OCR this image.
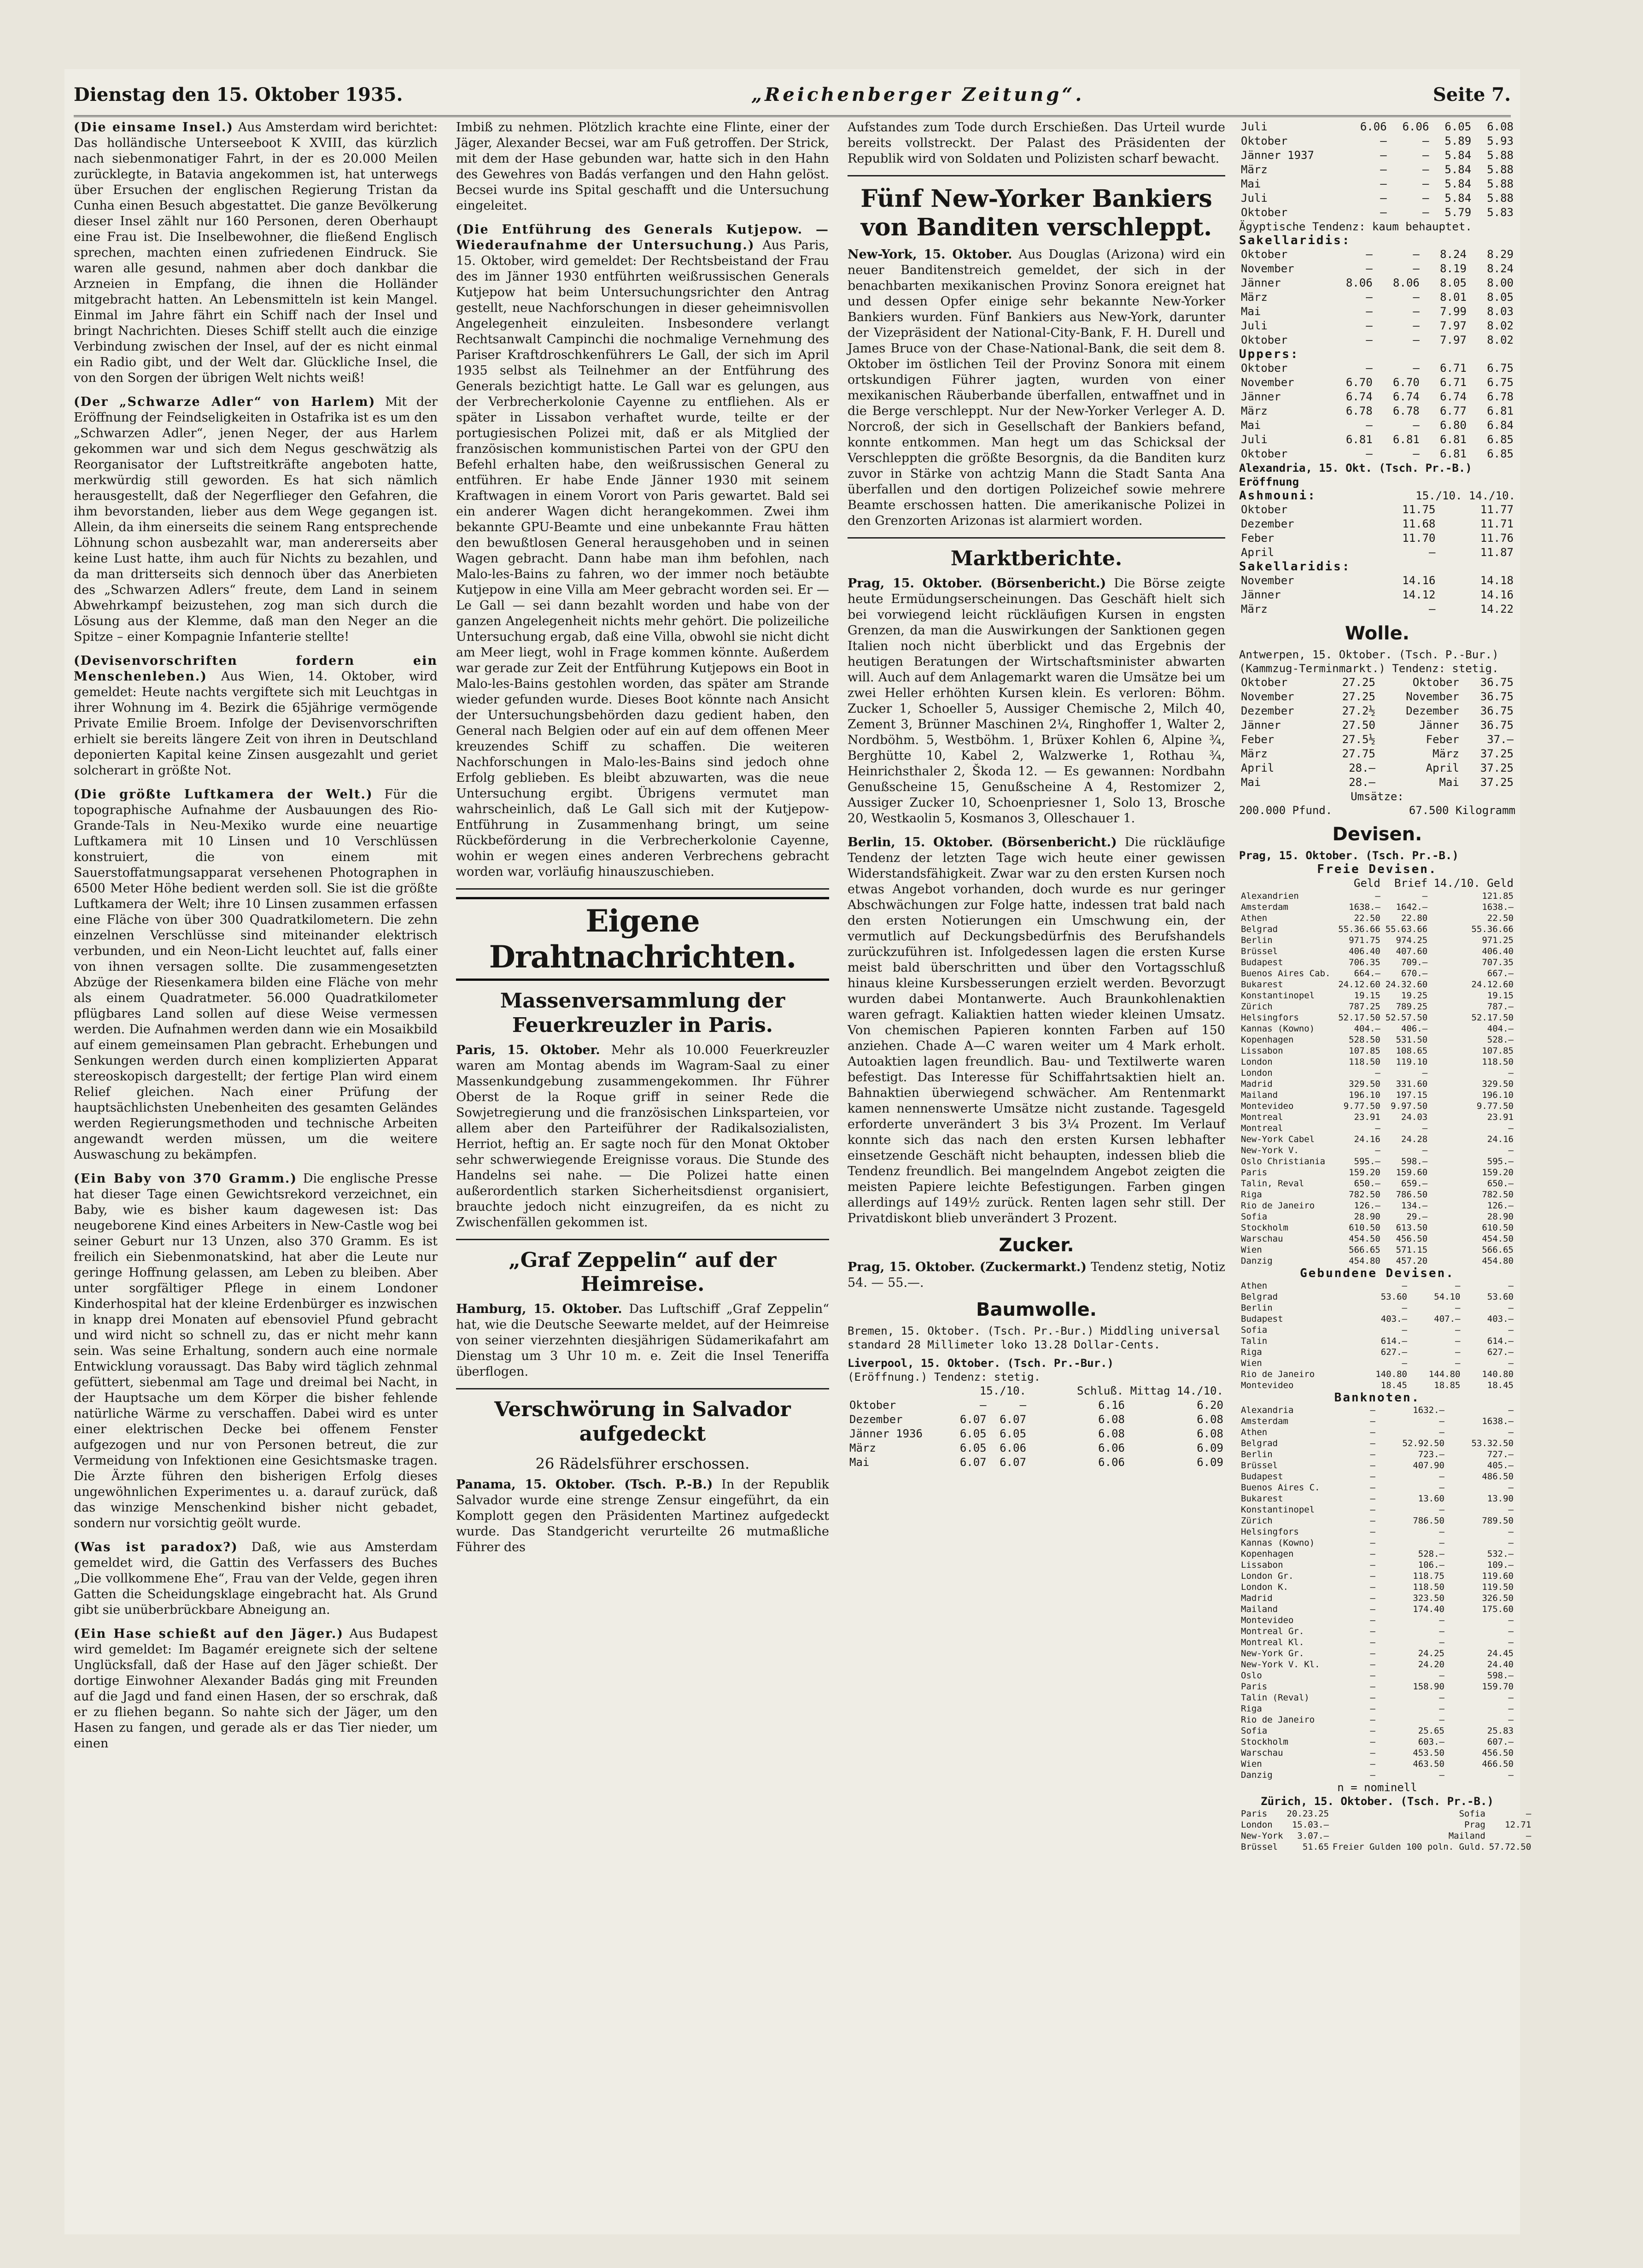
Dienstag den 15. Oktober 1935.	„Reichenberger Zeitung“.	Seite 7.

(Die einsame Insel.) Aus Amsterdam wird berichtet: Das holländische Unterseeboot K XVIII, das kürzlich nach siebenmonatiger Fahrt, in der es 20.000 Meilen zurücklegte, in Batavia angekommen ist, hat unterwegs über Ersuchen der englischen Regierung Tristan da Cunha einen Besuch abgestattet. Die ganze Bevölkerung dieser Insel zählt nur 160 Personen, deren Oberhaupt eine Frau ist. Die Inselbewohner, die fließend Englisch sprechen, machten einen zufriedenen Eindruck. Sie waren alle gesund, nahmen aber doch dankbar die Arzneien in Empfang, die ihnen die Holländer mitgebracht hatten. An Lebensmitteln ist kein Mangel. Einmal im Jahre fährt ein Schiff nach der Insel und bringt Nachrichten. Dieses Schiff stellt auch die einzige Verbindung zwischen der Insel, auf der es nicht einmal ein Radio gibt, und der Welt dar. Glückliche Insel, die von den Sorgen der übrigen Welt nichts weiß!

(Der „Schwarze Adler“ von Harlem) Mit der Eröffnung der Feindseligkeiten in Ostafrika ist es um den „Schwarzen Adler“, jenen Neger, der aus Harlem gekommen war und sich dem Negus geschwätzig als Reorganisator der Luftstreitkräfte angeboten hatte, merkwürdig still geworden. Es hat sich nämlich herausgestellt, daß der Negerflieger den Gefahren, die ihm bevorstanden, lieber aus dem Wege gegangen ist. Allein, da ihm einerseits die seinem Rang entsprechende Löhnung schon ausbezahlt war, man andererseits aber keine Lust hatte, ihm auch für Nichts zu bezahlen, und da man dritterseits sich dennoch über das Anerbieten des „Schwarzen Adlers“ freute, dem Land in seinem Abwehrkampf beizustehen, zog man sich durch die Lösung aus der Klemme, daß man den Neger an die Spitze – einer Kompagnie Infanterie stellte!

(Devisenvorschriften fordern ein Menschenleben.) Aus Wien, 14. Oktober, wird gemeldet: Heute nachts vergiftete sich mit Leuchtgas in ihrer Wohnung im 4. Bezirk die 65jährige vermögende Private Emilie Broem. Infolge der Devisenvorschriften erhielt sie bereits längere Zeit von ihren in Deutschland deponierten Kapital keine Zinsen ausgezahlt und geriet solcherart in größte Not.

(Die größte Luftkamera der Welt.) Für die topographische Aufnahme der Ausbauungen des Rio-Grande-Tals in Neu-Mexiko wurde eine neuartige Luftkamera mit 10 Linsen und 10 Verschlüssen konstruiert, die von einem mit Sauerstoffatmungsapparat versehenen Photographen in 6500 Meter Höhe bedient werden soll. Sie ist die größte Luftkamera der Welt; ihre 10 Linsen zusammen erfassen eine Fläche von über 300 Quadratkilometern. Die zehn einzelnen Verschlüsse sind miteinander elektrisch verbunden, und ein Neon-Licht leuchtet auf, falls einer von ihnen versagen sollte. Die zusammengesetzten Abzüge der Riesenkamera bilden eine Fläche von mehr als einem Quadratmeter. 56.000 Quadratkilometer pflügbares Land sollen auf diese Weise vermessen werden. Die Aufnahmen werden dann wie ein Mosaikbild auf einem gemeinsamen Plan gebracht. Erhebungen und Senkungen werden durch einen komplizierten Apparat stereoskopisch dargestellt; der fertige Plan wird einem Relief gleichen. Nach einer Prüfung der hauptsächlichsten Unebenheiten des gesamten Geländes werden Regierungsmethoden und technische Arbeiten angewandt werden müssen, um die weitere Auswaschung zu bekämpfen.

(Ein Baby von 370 Gramm.) Die englische Presse hat dieser Tage einen Gewichtsrekord verzeichnet, ein Baby, wie es bisher kaum dagewesen ist: Das neugeborene Kind eines Arbeiters in New-Castle wog bei seiner Geburt nur 13 Unzen, also 370 Gramm. Es ist freilich ein Siebenmonatskind, hat aber die Leute nur geringe Hoffnung gelassen, am Leben zu bleiben. Aber unter sorgfältiger Pflege in einem Londoner Kinderhospital hat der kleine Erdenbürger es inzwischen in knapp drei Monaten auf ebensoviel Pfund gebracht und wird nicht so schnell zu, das er nicht mehr kann sein. Was seine Erhaltung, sondern auch eine normale Entwicklung voraussagt. Das Baby wird täglich zehnmal gefüttert, siebenmal am Tage und dreimal bei Nacht, in der Hauptsache um dem Körper die bisher fehlende natürliche Wärme zu verschaffen. Dabei wird es unter einer elektrischen Decke bei offenem Fenster aufgezogen und nur von Personen betreut, die zur Vermeidung von Infektionen eine Gesichtsmaske tragen. Die Ärzte führen den bisherigen Erfolg dieses ungewöhnlichen Experimentes u. a. darauf zurück, daß das winzige Menschenkind bisher nicht gebadet, sondern nur vorsichtig geölt wurde.

(Was ist paradox?) Daß, wie aus Amsterdam gemeldet wird, die Gattin des Verfassers des Buches „Die vollkommene Ehe“, Frau van der Velde, gegen ihren Gatten die Scheidungsklage eingebracht hat. Als Grund gibt sie unüberbrückbare Abneigung an.

(Ein Hase schießt auf den Jäger.) Aus Budapest wird gemeldet: Im Bagamér ereignete sich der seltene Unglücksfall, daß der Hase auf den Jäger schießt. Der dortige Einwohner Alexander Badás ging mit Freunden auf die Jagd und fand einen Hasen, der so erschrak, daß er zu fliehen begann. So nahte sich der Jäger, um den Hasen zu fangen, und gerade als er das Tier nieder, um einen

Imbiß zu nehmen. Plötzlich krachte eine Flinte, einer der Jäger, Alexander Becsei, war am Fuß getroffen. Der Strick, mit dem der Hase gebunden war, hatte sich in den Hahn des Gewehres von Badás verfangen und den Hahn gelöst. Becsei wurde ins Spital geschafft und die Untersuchung eingeleitet.

(Die Entführung des Generals Kutjepow. — Wiederaufnahme der Untersuchung.) Aus Paris, 15. Oktober, wird gemeldet: Der Rechtsbeistand der Frau des im Jänner 1930 entführten weißrussischen Generals Kutjepow hat beim Untersuchungsrichter den Antrag gestellt, neue Nachforschungen in dieser geheimnisvollen Angelegenheit einzuleiten. Insbesondere verlangt Rechtsanwalt Campinchi die nochmalige Vernehmung des Pariser Kraftdroschkenführers Le Gall, der sich im April 1935 selbst als Teilnehmer an der Entführung des Generals bezichtigt hatte. Le Gall war es gelungen, aus der Verbrecherkolonie Cayenne zu entfliehen. Als er später in Lissabon verhaftet wurde, teilte er der portugiesischen Polizei mit, daß er als Mitglied der französischen kommunistischen Partei von der GPU den Befehl erhalten habe, den weißrussischen General zu entführen. Er habe Ende Jänner 1930 mit seinem Kraftwagen in einem Vorort von Paris gewartet. Bald sei ein anderer Wagen dicht herangekommen. Zwei ihm bekannte GPU-Beamte und eine unbekannte Frau hätten den bewußtlosen General herausgehoben und in seinen Wagen gebracht. Dann habe man ihm befohlen, nach Malo-les-Bains zu fahren, wo der immer noch betäubte Kutjepow in eine Villa am Meer gebracht worden sei. Er — Le Gall — sei dann bezahlt worden und habe von der ganzen Angelegenheit nichts mehr gehört. Die polizeiliche Untersuchung ergab, daß eine Villa, obwohl sie nicht dicht am Meer liegt, wohl in Frage kommen könnte. Außerdem war gerade zur Zeit der Entführung Kutjepows ein Boot in Malo-les-Bains gestohlen worden, das später am Strande wieder gefunden wurde. Dieses Boot könnte nach Ansicht der Untersuchungsbehörden dazu gedient haben, den General nach Belgien oder auf ein auf dem offenen Meer kreuzendes Schiff zu schaffen. Die weiteren Nachforschungen in Malo-les-Bains sind jedoch ohne Erfolg geblieben. Es bleibt abzuwarten, was die neue Untersuchung ergibt. Übrigens vermutet man wahrscheinlich, daß Le Gall sich mit der Kutjepow-Entführung in Zusammenhang bringt, um seine Rückbeförderung in die Verbrecherkolonie Cayenne, wohin er wegen eines anderen Verbrechens gebracht worden war, vorläufig hinauszuschieben.

Eigene Drahtnachrichten.
Massenversammlung der Feuerkreuzler in Paris.

Paris, 15. Oktober. Mehr als 10.000 Feuerkreuzler waren am Montag abends im Wagram-Saal zu einer Massenkundgebung zusammengekommen. Ihr Führer Oberst de la Roque griff in seiner Rede die Sowjetregierung und die französischen Linksparteien, vor allem aber den Parteiführer der Radikalsozialisten, Herriot, heftig an. Er sagte noch für den Monat Oktober sehr schwerwiegende Ereignisse voraus. Die Stunde des Handelns sei nahe. — Die Polizei hatte einen außerordentlich starken Sicherheitsdienst organisiert, brauchte jedoch nicht einzugreifen, da es nicht zu Zwischenfällen gekommen ist.

„Graf Zeppelin“ auf der Heimreise.

Hamburg, 15. Oktober. Das Luftschiff „Graf Zeppelin“ hat, wie die Deutsche Seewarte meldet, auf der Heimreise von seiner vierzehnten diesjährigen Südamerikafahrt am Dienstag um 3 Uhr 10 m. e. Zeit die Insel Teneriffa überflogen.

Verschwörung in Salvador aufgedeckt
26 Rädelsführer erschossen.

Panama, 15. Oktober. (Tsch. P.-B.) In der Republik Salvador wurde eine strenge Zensur eingeführt, da ein Komplott gegen den Präsidenten Martinez aufgedeckt wurde. Das Standgericht verurteilte 26 mutmaßliche Führer des

Aufstandes zum Tode durch Erschießen. Das Urteil wurde bereits vollstreckt. Der Palast des Präsidenten der Republik wird von Soldaten und Polizisten scharf bewacht.

Fünf New-Yorker Bankiers von Banditen verschleppt.

New-York, 15. Oktober. Aus Douglas (Arizona) wird ein neuer Banditenstreich gemeldet, der sich in der benachbarten mexikanischen Provinz Sonora ereignet hat und dessen Opfer einige sehr bekannte New-Yorker Bankiers wurden. Fünf Bankiers aus New-York, darunter der Vizepräsident der National-City-Bank, F. H. Durell und James Bruce von der Chase-National-Bank, die seit dem 8. Oktober im östlichen Teil der Provinz Sonora mit einem ortskundigen Führer jagten, wurden von einer mexikanischen Räuberbande überfallen, entwaffnet und in die Berge verschleppt. Nur der New-Yorker Verleger A. D. Norcroß, der sich in Gesellschaft der Bankiers befand, konnte entkommen. Man hegt um das Schicksal der Verschleppten die größte Besorgnis, da die Banditen kurz zuvor in Stärke von achtzig Mann die Stadt Santa Ana überfallen und den dortigen Polizeichef sowie mehrere Beamte erschossen hatten. Die amerikanische Polizei in den Grenzorten Arizonas ist alarmiert worden.

Marktberichte.

Prag, 15. Oktober. (Börsenbericht.) Die Börse zeigte heute Ermüdungserscheinungen. Das Geschäft hielt sich bei vorwiegend leicht rückläufigen Kursen in engsten Grenzen, da man die Auswirkungen der Sanktionen gegen Italien noch nicht überblickt und das Ergebnis der heutigen Beratungen der Wirtschaftsminister abwarten will. Auch auf dem Anlagemarkt waren die Umsätze bei um zwei Heller erhöhten Kursen klein. Es verloren: Böhm. Zucker 1, Schoeller 5, Aussiger Chemische 2, Milch 40, Zement 3, Brünner Maschinen 2¼, Ringhoffer 1, Walter 2, Nordböhm. 5, Westböhm. 1, Brüxer Kohlen 6, Alpine ¾, Berghütte 10, Kabel 2, Walzwerke 1, Rothau ¾, Heinrichsthaler 2, Škoda 12. — Es gewannen: Nordbahn Genußscheine 15, Genußscheine A 4, Restomizer 2, Aussiger Zucker 10, Schoenpriesner 1, Solo 13, Brosche 20, Westkaolin 5, Kosmanos 3, Olleschauer 1.

Berlin, 15. Oktober. (Börsenbericht.) Die rückläufige Tendenz der letzten Tage wich heute einer gewissen Widerstandsfähigkeit. Zwar war zu den ersten Kursen noch etwas Angebot vorhanden, doch wurde es nur geringer Abschwächungen zur Folge hatte, indessen trat bald nach den ersten Notierungen ein Umschwung ein, der vermutlich auf Deckungsbedürfnis des Berufshandels zurückzuführen ist. Infolgedessen lagen die ersten Kurse meist bald überschritten und über den Vortagsschluß hinaus kleine Kursbesserungen erzielt werden. Bevorzugt wurden dabei Montanwerte. Auch Braunkohlenaktien waren gefragt. Kaliaktien hatten wieder kleinen Umsatz. Von chemischen Papieren konnten Farben auf 150 anziehen. Chade A—C waren weiter um 4 Mark erholt. Autoaktien lagen freundlich. Bau- und Textilwerte waren befestigt. Das Interesse für Schiffahrtsaktien hielt an. Bahnaktien überwiegend schwächer. Am Rentenmarkt kamen nennenswerte Umsätze nicht zustande. Tagesgeld erforderte unverändert 3 bis 3¼ Prozent. Im Verlauf konnte sich das nach den ersten Kursen lebhafter einsetzende Geschäft nicht behaupten, indessen blieb die Tendenz freundlich. Bei mangelndem Angebot zeigten die meisten Papiere leichte Befestigungen. Farben gingen allerdings auf 149½ zurück. Renten lagen sehr still. Der Privatdiskont blieb unverändert 3 Prozent.

Zucker.

Prag, 15. Oktober. (Zuckermarkt.) Tendenz stetig, Notiz 54. — 55.—.

Baumwolle.
Bremen, 15. Oktober. (Tsch. Pr.-Bur.) Middling universal standard 28 Millimeter loko 13.28 Dollar-Cents.
Liverpool, 15. Oktober. (Tsch. Pr.-Bur.)
(Eröffnung.) Tendenz: stetig.
	15./10.		Schluß. Mittag 14./10.	
Oktober	—	—	6.16	6.20
Dezember	6.07	6.07	6.08	6.08
Jänner 1936	6.05	6.05	6.08	6.08
März	6.05	6.06	6.06	6.09
Mai	6.07	6.07	6.06	6.09
Juli	6.06	6.06	6.05	6.08
Oktober	—	—	5.89	5.93
Jänner 1937	—	—	5.84	5.88
März	—	—	5.84	5.88
Mai	—	—	5.84	5.88
Juli	—	—	5.84	5.88
Oktober	—	—	5.79	5.83
Ägyptische Tendenz: kaum behauptet.
Sakellaridis:
Oktober	—	—	8.24	8.29
November	—	—	8.19	8.24
Jänner	8.06	8.06	8.05	8.00
März	—	—	8.01	8.05
Mai	—	—	7.99	8.03
Juli	—	—	7.97	8.02
Oktober	—	—	7.97	8.02
Uppers:
Oktober	—	—	6.71	6.75
November	6.70	6.70	6.71	6.75
Jänner	6.74	6.74	6.74	6.78
März	6.78	6.78	6.77	6.81
Mai	—	—	6.80	6.84
Juli	6.81	6.81	6.81	6.85
Oktober	—	—	6.81	6.85
Alexandria, 15. Okt. (Tsch. Pr.-B.) Eröffnung
Ashmouni:	15./10. 14./10.
Oktober	11.75	11.77
Dezember	11.68	11.71
Feber	11.70	11.76
April	—	11.87
Sakellaridis:
November	14.16	14.18
Jänner	14.12	14.16
März	—	14.22
Wolle.
Antwerpen, 15. Oktober. (Tsch. P.-Bur.) (Kammzug-Terminmarkt.) Tendenz: stetig.
Oktober	27.25	Oktober	36.75
November	27.25	November	36.75
Dezember	27.2½	Dezember	36.75
Jänner	27.50	Jänner	36.75
Feber	27.5½	Feber	37.—
März	27.75	März	37.25
April	28.—	April	37.25
Mai	28.—	Mai	37.25
Umsätze:
200.000 Pfund.	67.500 Kilogramm
Devisen.
Prag, 15. Oktober. (Tsch. Pr.-B.)
Freie Devisen.
	Geld	Brief	14./10. Geld
Alexandrien	—	—	121.85
Amsterdam	1638.—	1642.—	1638.—
Athen	22.50	22.80	22.50
Belgrad	55.36.66	55.63.66	55.36.66
Berlin	971.75	974.25	971.25
Brüssel	406.40	407.60	406.40
Budapest	706.35	709.—	707.35
Buenos Aires Cab.	664.—	670.—	667.—
Bukarest	24.12.60	24.32.60	24.12.60
Konstantinopel	19.15	19.25	19.15
Zürich	787.25	789.25	787.—
Helsingfors	52.17.50	52.57.50	52.17.50
Kannas (Kowno)	404.—	406.—	404.—
Kopenhagen	528.50	531.50	528.—
Lissabon	107.85	108.65	107.85
London	118.50	119.10	118.50
London	—	—	—
Madrid	329.50	331.60	329.50
Mailand	196.10	197.15	196.10
Montevideo	9.77.50	9.97.50	9.77.50
Montreal	23.91	24.03	23.91
Montreal	—	—	—
New-York Cabel	24.16	24.28	24.16
New-York V.	—	—	—
Oslo Christiania	595.—	598.—	595.—
Paris	159.20	159.60	159.20
Talin, Reval	650.—	659.—	650.—
Riga	782.50	786.50	782.50
Rio de Janeiro	126.—	134.—	126.—
Sofia	28.90	29.—	28.90
Stockholm	610.50	613.50	610.50
Warschau	454.50	456.50	454.50
Wien	566.65	571.15	566.65
Danzig	454.80	457.20	454.80
Gebundene Devisen.
Athen	—	—	—
Belgrad	53.60	54.10	53.60
Berlin	—	—	—
Budapest	403.—	407.—	403.—
Sofia	—	—	—
Talin	614.—	—	614.—
Riga	627.—	—	627.—
Wien	—	—	—
Rio de Janeiro	140.80	144.80	140.80
Montevideo	18.45	18.85	18.45
Banknoten.
Alexandria	—	1632.—	—
Amsterdam	—	—	1638.—
Athen	—	—	—
Belgrad	—	52.92.50	53.32.50
Berlin	—	723.—	727.—
Brüssel	—	407.90	405.—
Budapest	—	—	486.50
Buenos Aires C.	—	—	—
Bukarest	—	13.60	13.90
Konstantinopel	—	—	—
Zürich	—	786.50	789.50
Helsingfors	—	—	—
Kannas (Kowno)	—	—	—
Kopenhagen	—	528.—	532.—
Lissabon	—	106.—	109.—
London Gr.	—	118.75	119.60
London K.	—	118.50	119.50
Madrid	—	323.50	326.50
Mailand	—	174.40	175.60
Montevideo	—	—	—
Montreal Gr.	—	—	—
Montreal Kl.	—	—	—
New-York Gr.	—	24.25	24.45
New-York V. Kl.	—	24.20	24.40
Oslo	—	—	598.—
Paris	—	158.90	159.70
Talin (Reval)	—	—	—
Riga	—	—	—
Rio de Janeiro	—	—	—
Sofia	—	25.65	25.83
Stockholm	—	603.—	607.—
Warschau	—	453.50	456.50
Wien	—	463.50	466.50
Danzig	—	—	—
n = nominell
Zürich, 15. Oktober. (Tsch. Pr.-B.)
Paris	20.23.25	Sofia	—
London	15.03.—	Prag	12.71
New-York	3.07.—	Mailand	—
Brüssel	51.65	Freier Gulden 100 poln. Guld.	57.72.50
